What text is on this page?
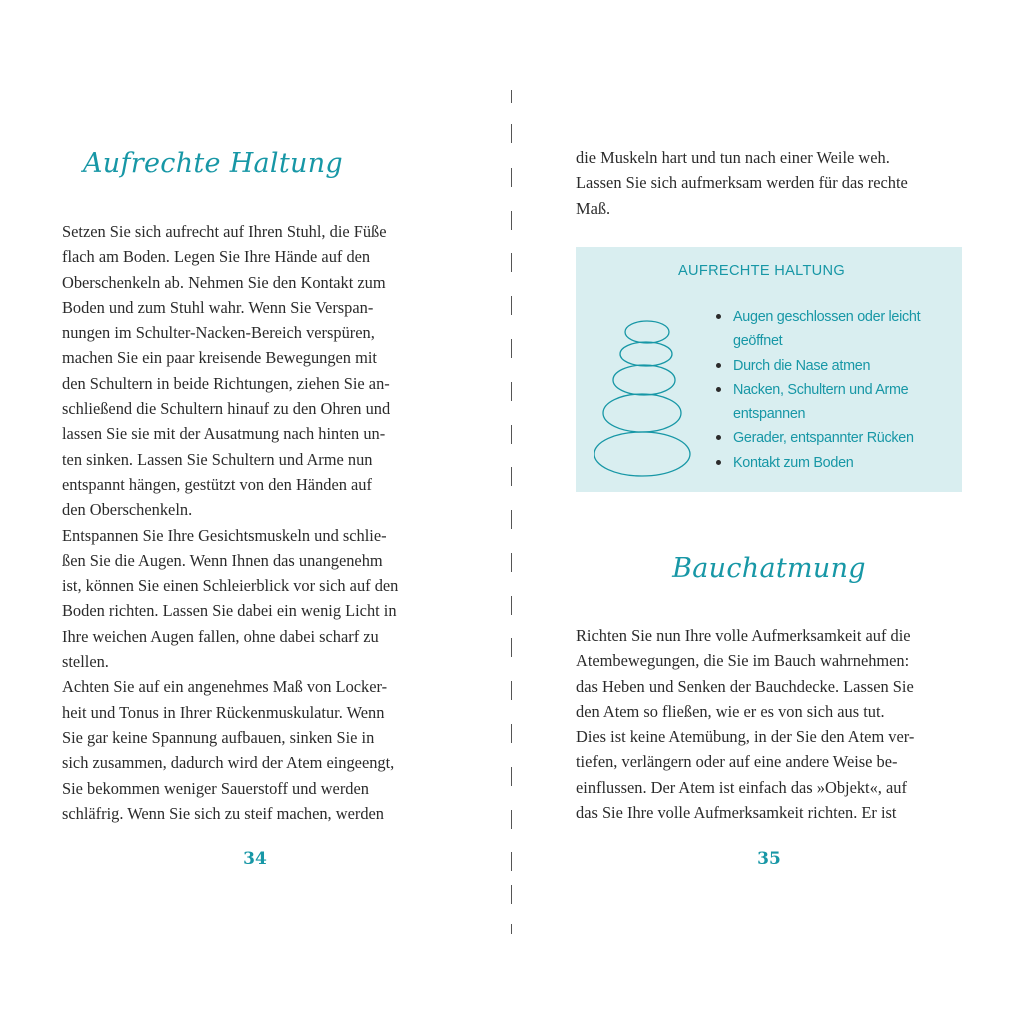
Aufrechte Haltung

Setzen Sie sich aufrecht auf Ihren Stuhl, die Füße

flach am Boden. Legen Sie Ihre Hände auf den

Oberschenkeln ab. Nehmen Sie den Kontakt zum

Boden und zum Stuhl wahr. Wenn Sie Verspan-

nungen im Schulter-Nacken-Bereich verspüren,

machen Sie ein paar kreisende Bewegungen mit

den Schultern in beide Richtungen, ziehen Sie an-

schließend die Schultern hinauf zu den Ohren und

lassen Sie sie mit der Ausatmung nach hinten un-

ten sinken. Lassen Sie Schultern und Arme nun

entspannt hängen, gestützt von den Händen auf

den Oberschenkeln.

Entspannen Sie Ihre Gesichtsmuskeln und schlie-

ßen Sie die Augen. Wenn Ihnen das unangenehm

ist, können Sie einen Schleierblick vor sich auf den

Boden richten. Lassen Sie dabei ein wenig Licht in

Ihre weichen Augen fallen, ohne dabei scharf zu

stellen.

Achten Sie auf ein angenehmes Maß von Locker-

heit und Tonus in Ihrer Rückenmuskulatur. Wenn

Sie gar keine Spannung aufbauen, sinken Sie in

sich zusammen, dadurch wird der Atem eingeengt,

Sie bekommen weniger Sauerstoff und werden

schläfrig. Wenn Sie sich zu steif machen, werden

34

die Muskeln hart und tun nach einer Weile weh.

Lassen Sie sich aufmerksam werden für das rechte

Maß.

AUFRECHTE HALTUNG
Augen geschlossen oder leicht geöffnet
Durch die Nase atmen
Nacken, Schultern und Arme entspannen
Gerader, entspannter Rücken
Kontakt zum Boden
Bauchatmung

Richten Sie nun Ihre volle Aufmerksamkeit auf die

Atembewegungen, die Sie im Bauch wahrnehmen:

das Heben und Senken der Bauchdecke. Lassen Sie

den Atem so fließen, wie er es von sich aus tut.

Dies ist keine Atemübung, in der Sie den Atem ver-

tiefen, verlängern oder auf eine andere Weise be-

einflussen. Der Atem ist einfach das »Objekt«, auf

das Sie Ihre volle Aufmerksamkeit richten. Er ist

35
